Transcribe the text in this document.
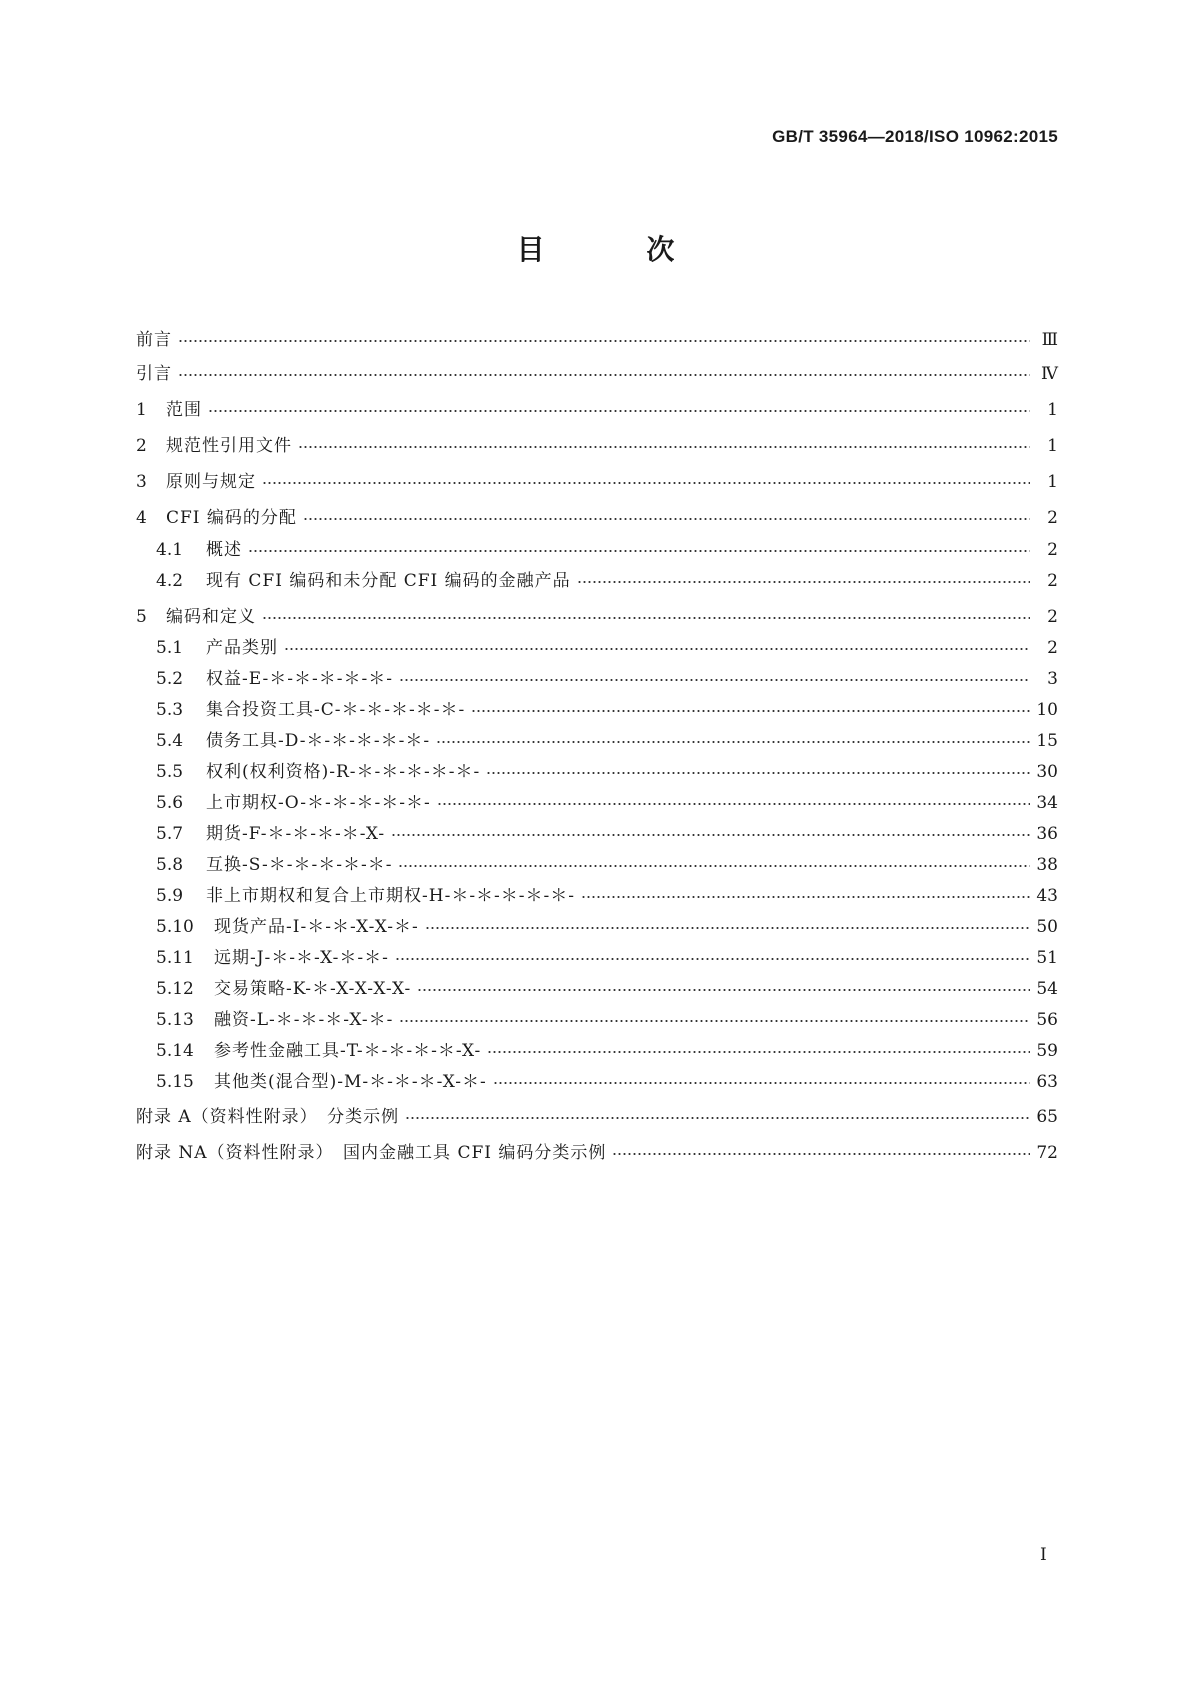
GB/T 35964—2018/ISO 10962:2015
目 次
前言	Ⅲ
引言	Ⅳ
1	范围	1
2	规范性引用文件	1
3	原则与规定	1
4	CFI 编码的分配	2
4.1	概述	2
4.2	现有 CFI 编码和未分配 CFI 编码的金融产品	2
5	编码和定义	2
5.1	产品类别	2
5.2	权益-E-＊-＊-＊-＊-＊-	3
5.3	集合投资工具-C-＊-＊-＊-＊-＊-	10
5.4	债务工具-D-＊-＊-＊-＊-＊-	15
5.5	权利(权利资格)-R-＊-＊-＊-＊-＊-	30
5.6	上市期权-O-＊-＊-＊-＊-＊-	34
5.7	期货-F-＊-＊-＊-＊-X-	36
5.8	互换-S-＊-＊-＊-＊-＊-	38
5.9	非上市期权和复合上市期权-H-＊-＊-＊-＊-＊-	43
5.10	现货产品-I-＊-＊-X-X-＊-	50
5.11	远期-J-＊-＊-X-＊-＊-	51
5.12	交易策略-K-＊-X-X-X-X-	54
5.13	融资-L-＊-＊-＊-X-＊-	56
5.14	参考性金融工具-T-＊-＊-＊-＊-X-	59
5.15	其他类(混合型)-M-＊-＊-＊-X-＊-	63
附录 A（资料性附录）　分类示例	65
附录 NA（资料性附录）　国内金融工具 CFI 编码分类示例	72
Ⅰ
